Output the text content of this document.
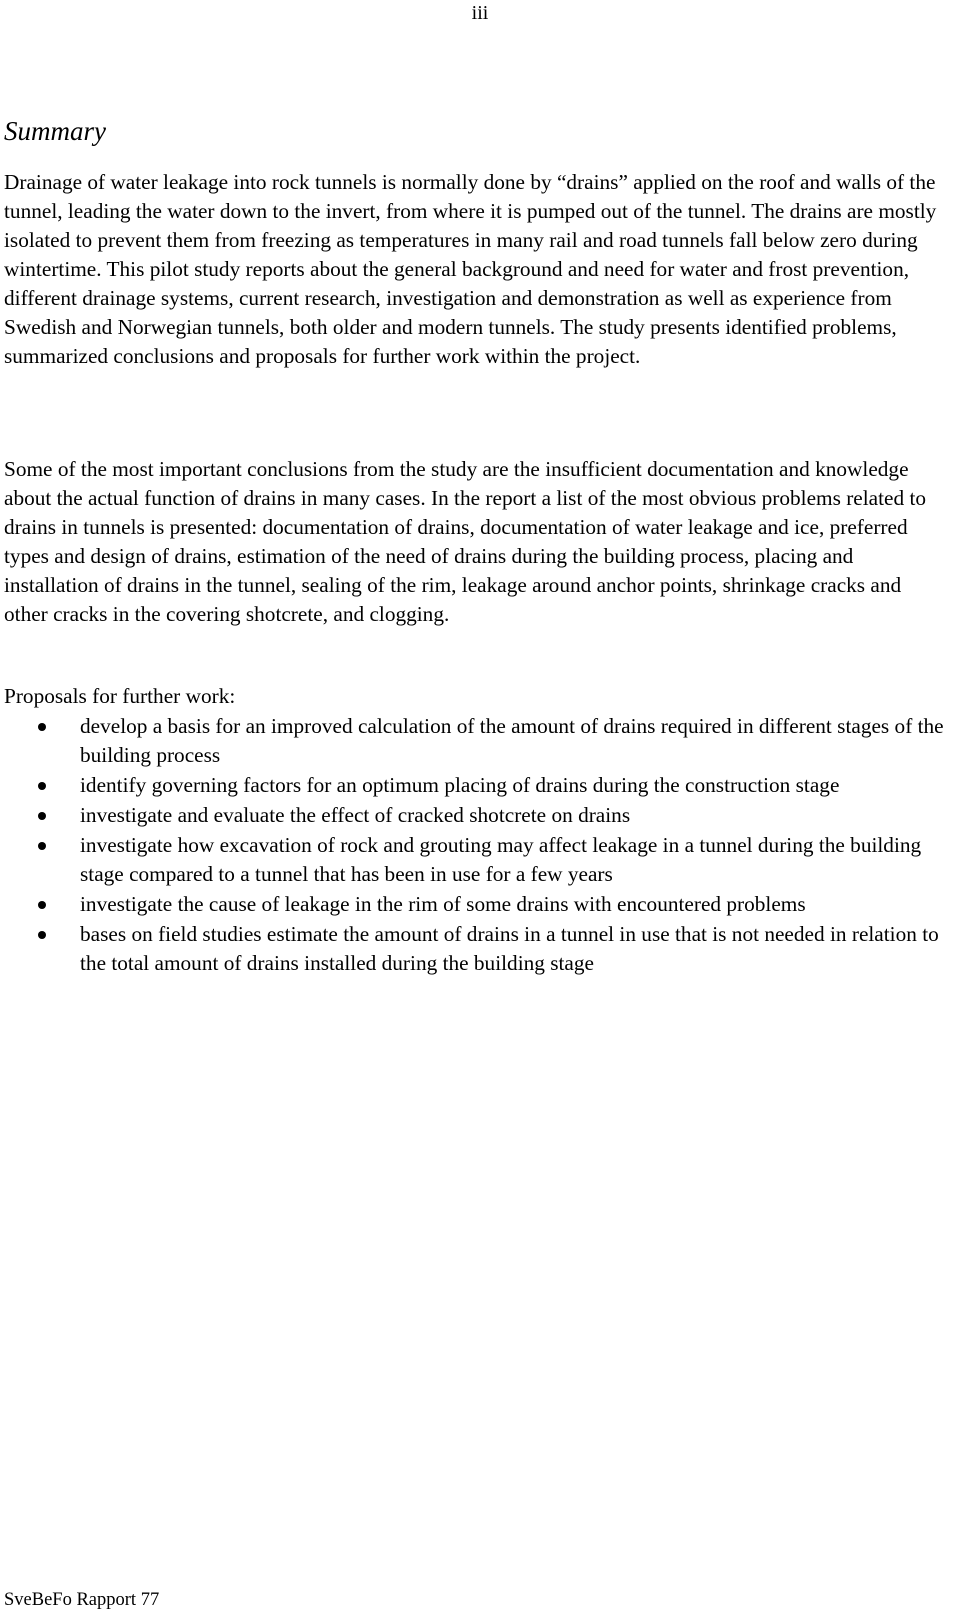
iii
Summary

Drainage of water leakage into rock tunnels is normally done by “drains” applied on the roof and walls of the tunnel, leading the water down to the invert, from where it is pumped out of the tunnel. The drains are mostly isolated to prevent them from freezing as temperatures in many rail and road tunnels fall below zero during wintertime. This pilot study reports about the general background and need for water and frost prevention, different drainage systems, current research, investigation and demonstration as well as experience from Swedish and Norwegian tunnels, both older and modern tunnels. The study presents identified problems, summarized conclusions and proposals for further work within the project.

Some of the most important conclusions from the study are the insufficient documentation and knowledge about the actual function of drains in many cases. In the report a list of the most obvious problems related to drains in tunnels is presented: documentation of drains, documentation of water leakage and ice, preferred types and design of drains, estimation of the need of drains during the building process, placing and installation of drains in the tunnel, sealing of the rim, leakage around anchor points, shrinkage cracks and other cracks in the covering shotcrete, and clogging.

Proposals for further work:

develop a basis for an improved calculation of the amount of drains required in different stages of the building process
identify governing factors for an optimum placing of drains during the construction stage
investigate and evaluate the effect of cracked shotcrete on drains
investigate how excavation of rock and grouting may affect leakage in a tunnel during the building stage compared to a tunnel that has been in use for a few years
investigate the cause of leakage in the rim of some drains with encountered problems
bases on field studies estimate the amount of drains in a tunnel in use that is not needed in relation to the total amount of drains installed during the building stage
SveBeFo Rapport 77
